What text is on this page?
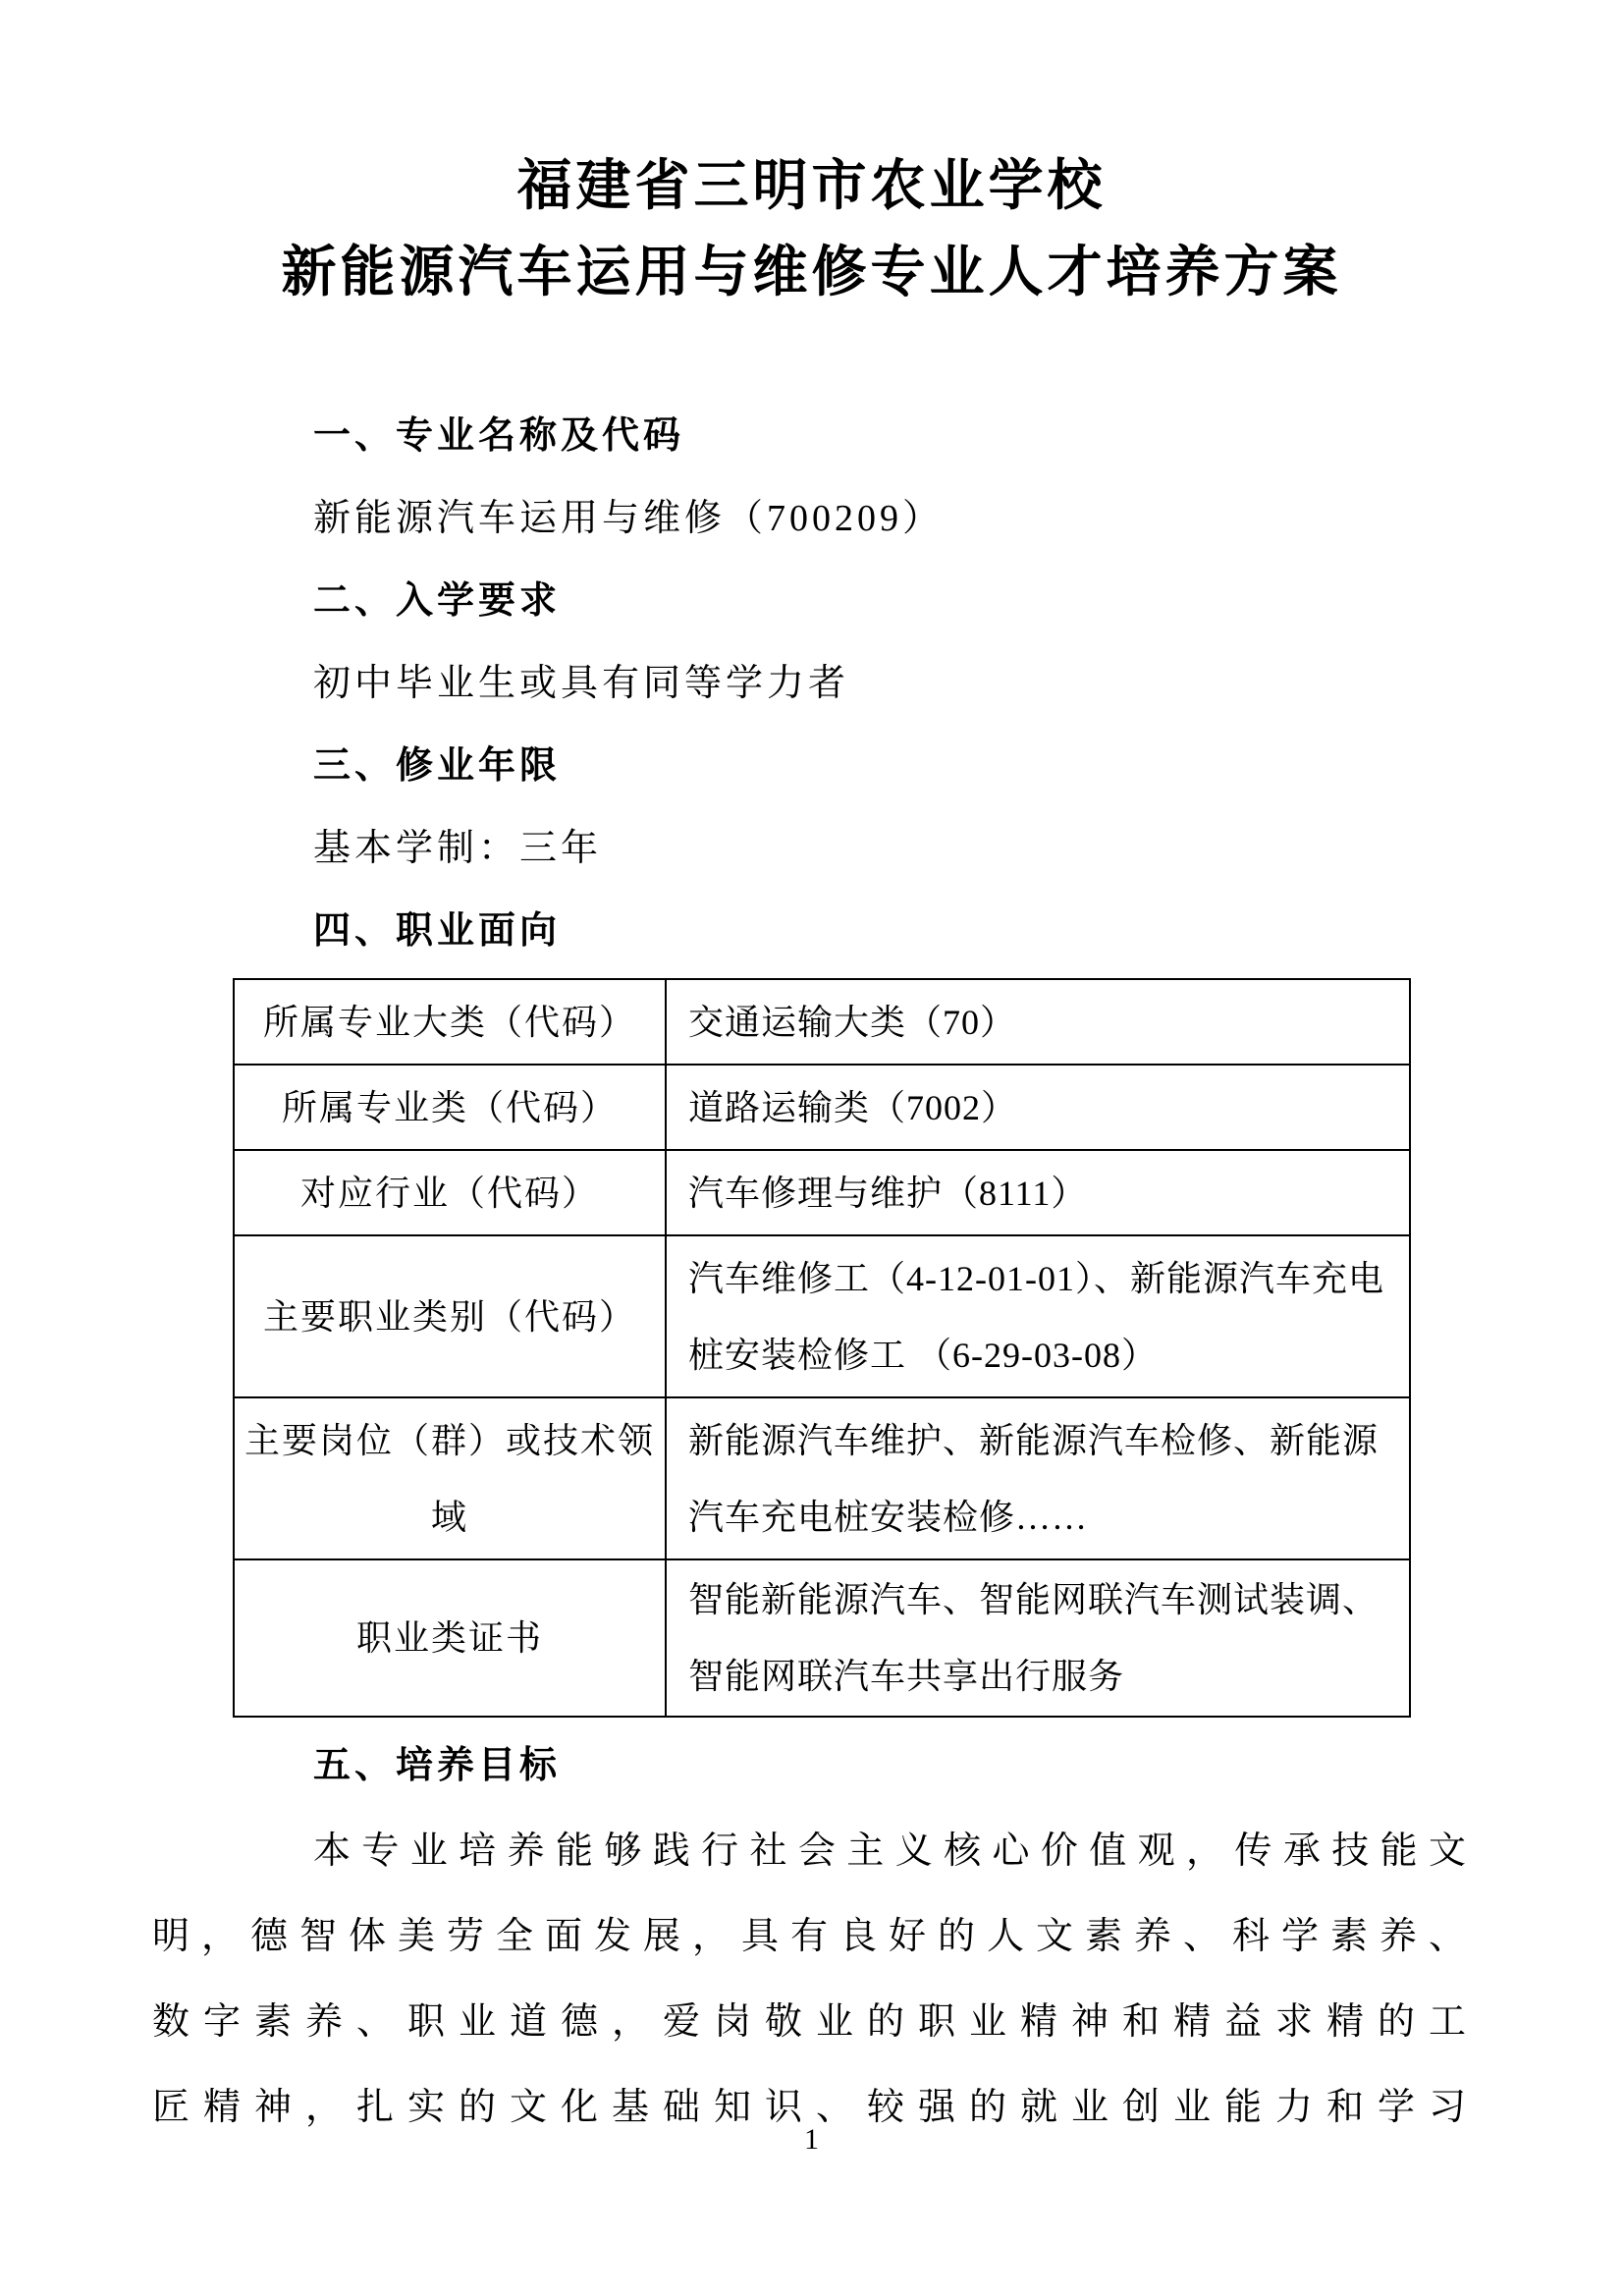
福建省三明市农业学校
新能源汽车运用与维修专业人才培养方案
一、专业名称及代码
新能源汽车运用与维修（700209）
二、入学要求
初中毕业生或具有同等学力者
三、修业年限
基本学制：三年
四、职业面向
所属专业大类（代码）	交通运输大类（70）
所属专业类（代码）	道路运输类（7002）
对应行业（代码）	汽车修理与维护（8111）
主要职业类别（代码）	汽车维修工（4-12-01-01）、新能源汽车充电桩安装检修工 （6-29-03-08）
主要岗位（群）或技术领域	新能源汽车维护、新能源汽车检修、新能源汽车充电桩安装检修……
职业类证书	智能新能源汽车、智能网联汽车测试装调、智能网联汽车共享出行服务
五、培养目标
本专业培养能够践行社会主义核心价值观，传承技能文
明，德智体美劳全面发展，具有良好的人文素养、科学素养、
数字素养、职业道德，爱岗敬业的职业精神和精益求精的工
匠精神，扎实的文化基础知识、较强的就业创业能力和学习
1
